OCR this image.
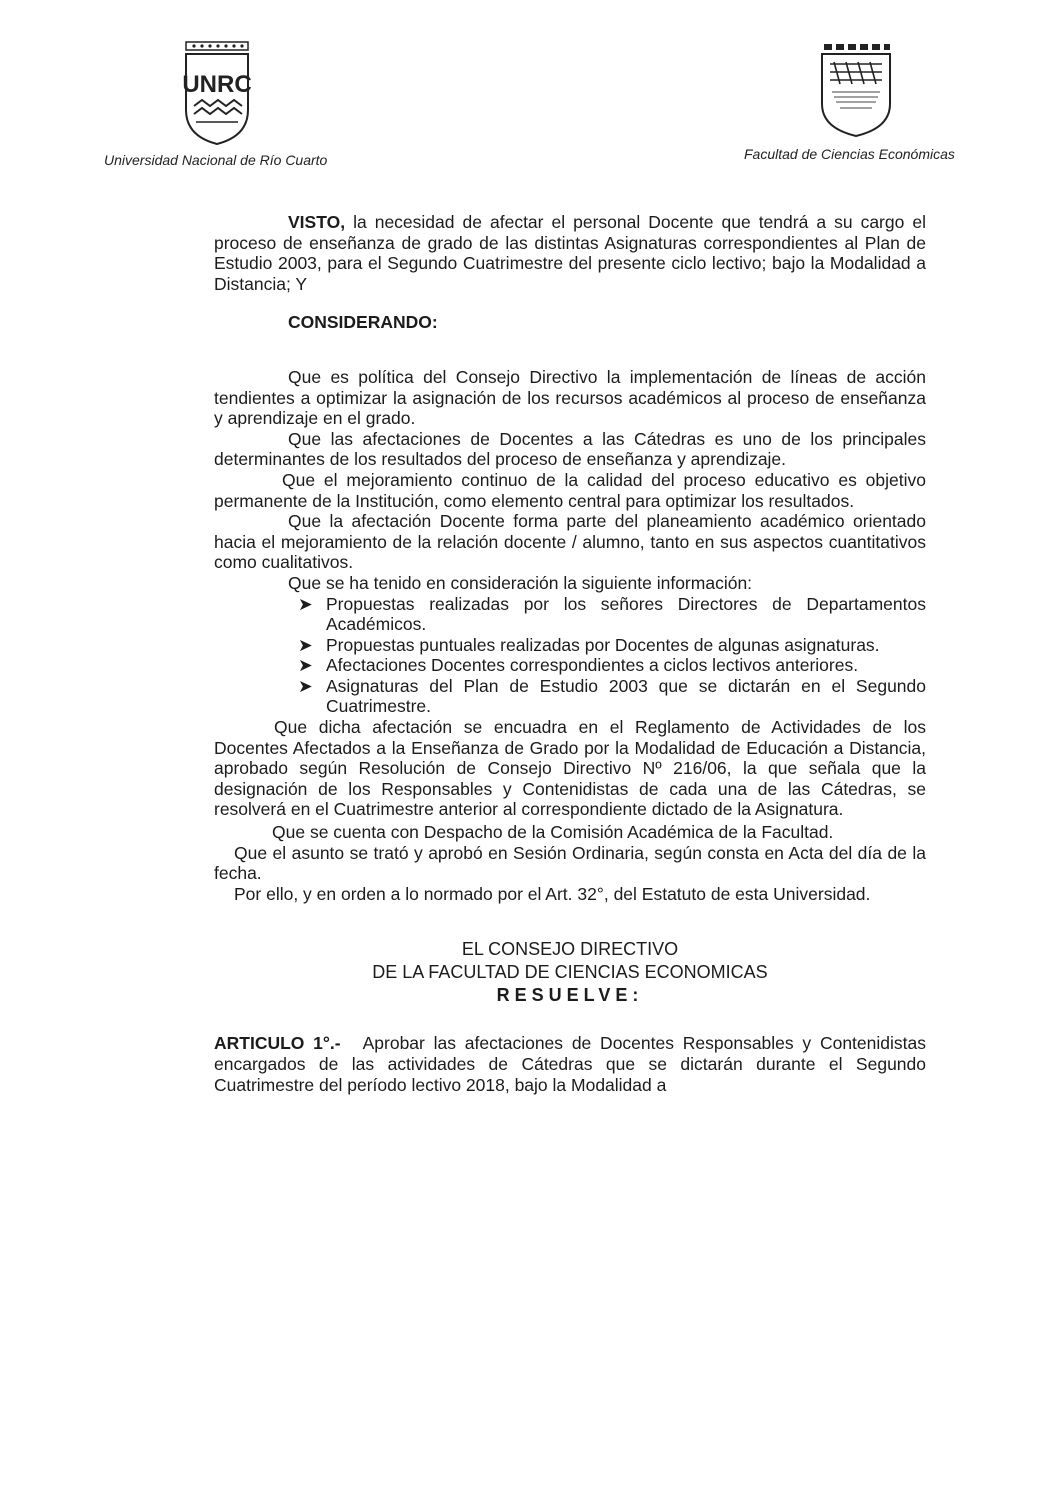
UNRC
Universidad Nacional de Río Cuarto	Facultad de Ciencias Económicas

VISTO, la necesidad de afectar el personal Docente que tendrá a su cargo el proceso de enseñanza de grado de las distintas Asignaturas correspondientes al Plan de Estudio 2003, para el Segundo Cuatrimestre del presente ciclo lectivo; bajo la Modalidad a Distancia; Y

CONSIDERANDO:

Que es política del Consejo Directivo la implementación de líneas de acción tendientes a optimizar la asignación de los recursos académicos al proceso de enseñanza y aprendizaje en el grado.

Que las afectaciones de Docentes a las Cátedras es uno de los principales determinantes de los resultados del proceso de enseñanza y aprendizaje.

Que el mejoramiento continuo de la calidad del proceso educativo es objetivo permanente de la Institución, como elemento central para optimizar los resultados.

Que la afectación Docente forma parte del planeamiento académico orientado hacia el mejoramiento de la relación docente / alumno, tanto en sus aspectos cuantitativos como cualitativos.

Que se ha tenido en consideración la siguiente información:

➤ Propuestas realizadas por los señores Directores de Departamentos Académicos.
➤ Propuestas puntuales realizadas por Docentes de algunas asignaturas.
➤ Afectaciones Docentes correspondientes a ciclos lectivos anteriores.
➤ Asignaturas del Plan de Estudio 2003 que se dictarán en el Segundo Cuatrimestre.

Que dicha afectación se encuadra en el Reglamento de Actividades de los Docentes Afectados a la Enseñanza de Grado por la Modalidad de Educación a Distancia, aprobado según Resolución de Consejo Directivo Nº 216/06, la que señala que la designación de los Responsables y Contenidistas de cada una de las Cátedras, se resolverá en el Cuatrimestre anterior al correspondiente dictado de la Asignatura.

Que se cuenta con Despacho de la Comisión Académica de la Facultad.

Que el asunto se trató y aprobó en Sesión Ordinaria, según consta en Acta del día de la fecha.

Por ello, y en orden a lo normado por el Art. 32°, del Estatuto de esta Universidad.

EL CONSEJO DIRECTIVO
DE LA FACULTAD DE CIENCIAS ECONOMICAS
RESUELVE:

ARTICULO 1°.- Aprobar las afectaciones de Docentes Responsables y Contenidistas encargados de las actividades de Cátedras que se dictarán durante el Segundo Cuatrimestre del período lectivo 2018, bajo la Modalidad a
